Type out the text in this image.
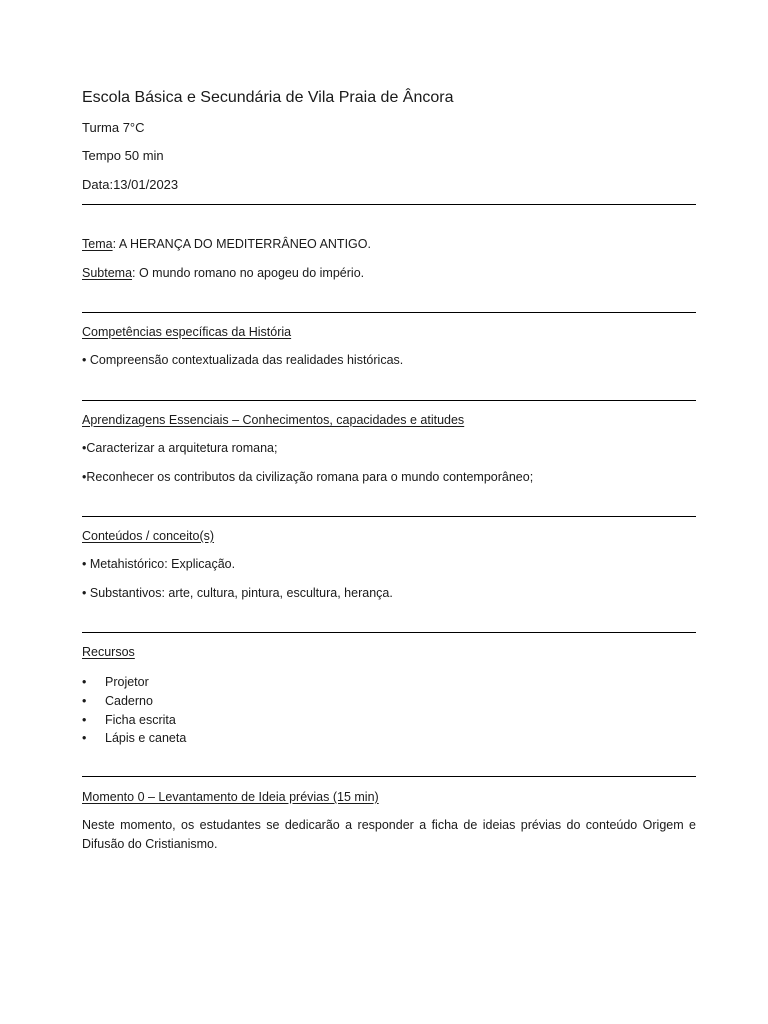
Escola Básica e Secundária de Vila Praia de Âncora
Turma 7°C
Tempo 50 min
Data:13/01/2023
Tema: A HERANÇA DO MEDITERRÂNEO ANTIGO.
Subtema: O mundo romano no apogeu do império.
Competências específicas da História
• Compreensão contextualizada das realidades históricas.
Aprendizagens Essenciais – Conhecimentos, capacidades e atitudes
•Caracterizar a arquitetura romana;
•Reconhecer os contributos da civilização romana para o mundo contemporâneo;
Conteúdos / conceito(s)
• Metahistórico: Explicação.
• Substantivos: arte, cultura, pintura, escultura, herança.
Recursos
• Projetor
• Caderno
• Ficha escrita
• Lápis e caneta
Momento 0 – Levantamento de Ideia prévias (15 min)
Neste momento, os estudantes se dedicarão a responder a ficha de ideias prévias do conteúdo Origem e Difusão do Cristianismo.
